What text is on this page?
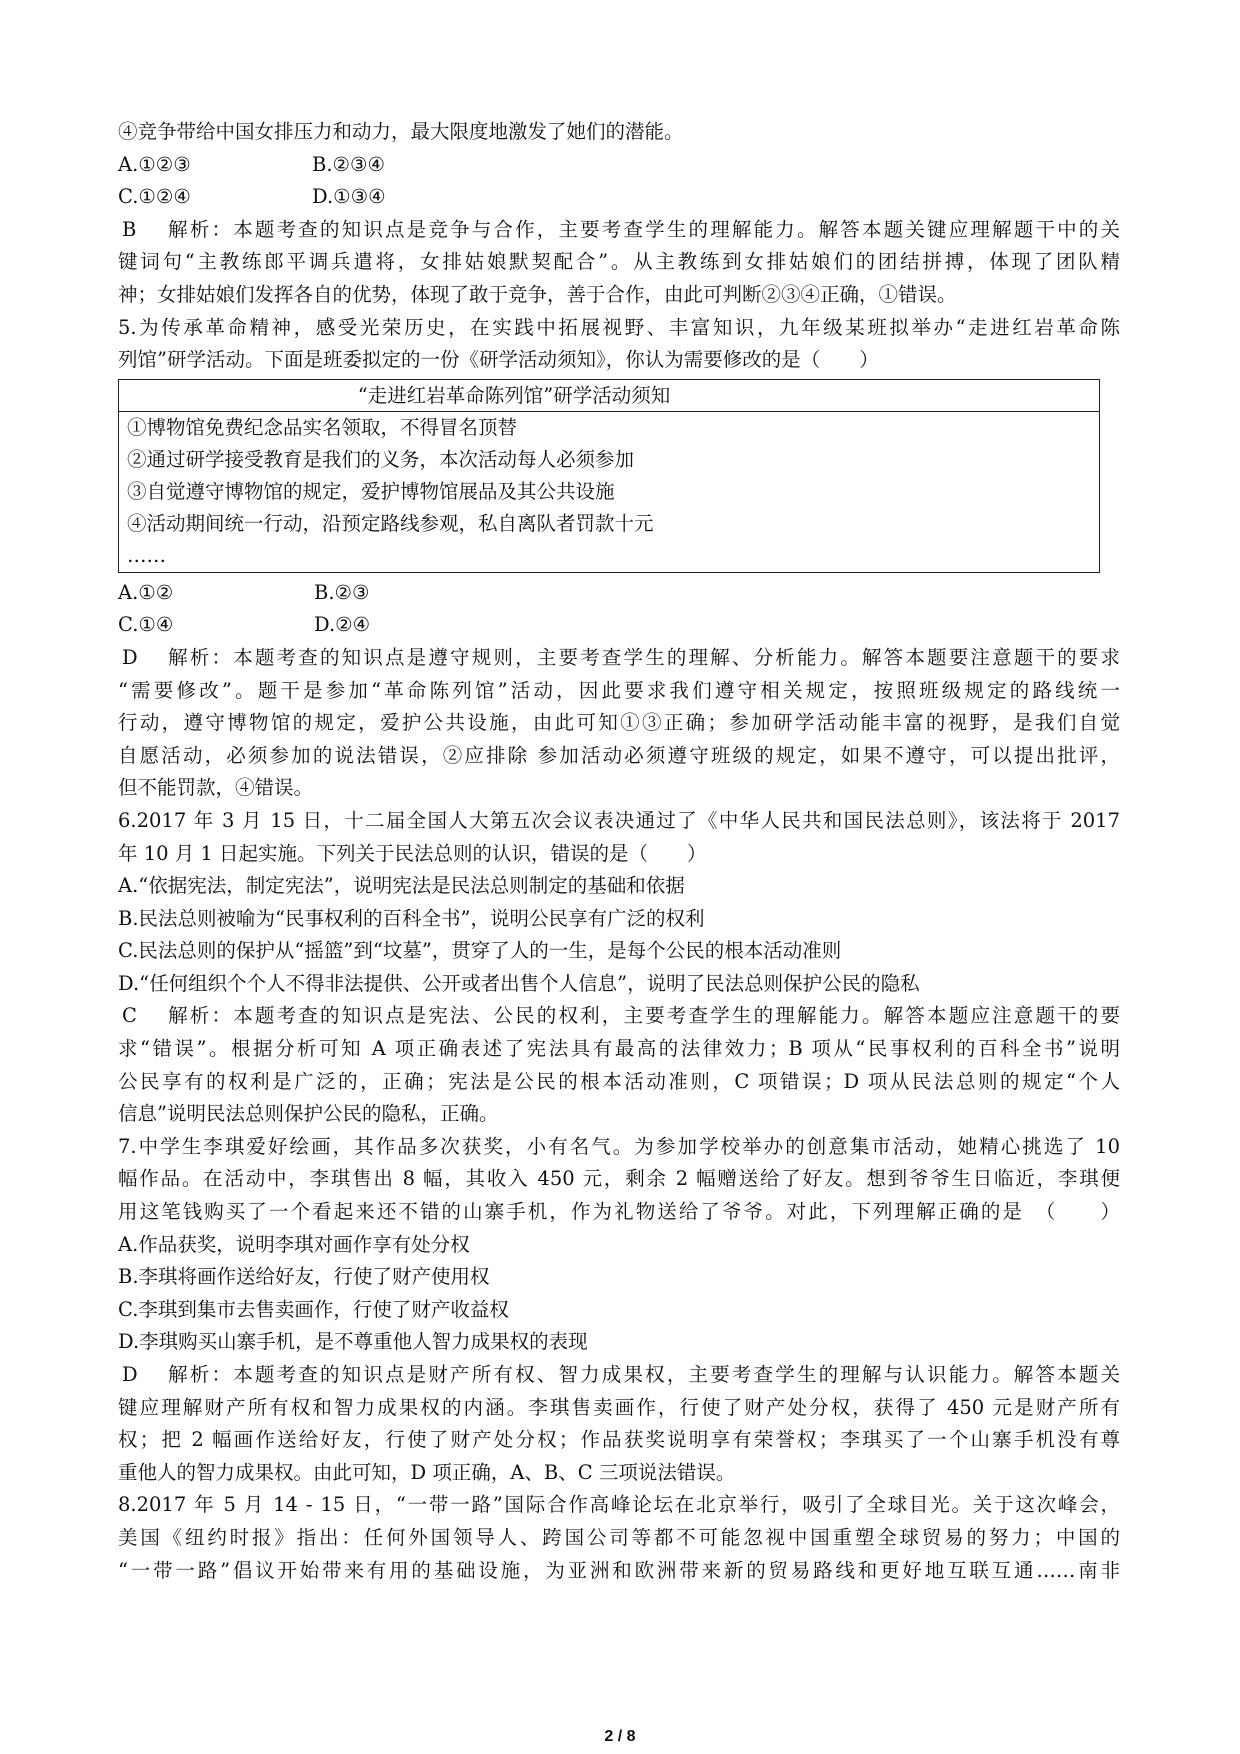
④竞争带给中国女排压力和动力，最大限度地激发了她们的潜能。
A.①②③	B.②③④
C.①②④	D.①③④
B 解析：本题考查的知识点是竞争与合作，主要考查学生的理解能力。解答本题关键应理解题干中的关
键词句“主教练郎平调兵遣将，女排姑娘默契配合”。从主教练到女排姑娘们的团结拼搏，体现了团队精
神；女排姑娘们发挥各自的优势，体现了敢于竞争，善于合作，由此可判断②③④正确，①错误。
5.为传承革命精神，感受光荣历史，在实践中拓展视野、丰富知识，九年级某班拟举办“走进红岩革命陈
列馆”研学活动。下面是班委拟定的一份《研学活动须知》，你认为需要修改的是（　　）
“走进红岩革命陈列馆”研学活动须知
①博物馆免费纪念品实名领取，不得冒名顶替
②通过研学接受教育是我们的义务，本次活动每人必须参加
③自觉遵守博物馆的规定，爱护博物馆展品及其公共设施
④活动期间统一行动，沿预定路线参观，私自离队者罚款十元
……
A.①②	B.②③
C.①④	D.②④
D 解析：本题考查的知识点是遵守规则，主要考查学生的理解、分析能力。解答本题要注意题干的要求
“需要修改”。题干是参加“革命陈列馆”活动，因此要求我们遵守相关规定，按照班级规定的路线统一
行动，遵守博物馆的规定，爱护公共设施，由此可知①③正确；参加研学活动能丰富的视野，是我们自觉
自愿活动，必须参加的说法错误，②应排除 参加活动必须遵守班级的规定，如果不遵守，可以提出批评，
但不能罚款，④错误。
6.2017 年 3 月 15 日，十二届全国人大第五次会议表决通过了《中华人民共和国民法总则》，该法将于 2017
年 10 月 1 日起实施。下列关于民法总则的认识，错误的是（　　）
A.“依据宪法，制定宪法”，说明宪法是民法总则制定的基础和依据
B.民法总则被喻为“民事权利的百科全书”，说明公民享有广泛的权利
C.民法总则的保护从“摇篮”到“坟墓”，贯穿了人的一生，是每个公民的根本活动准则
D.“任何组织个个人不得非法提供、公开或者出售个人信息”，说明了民法总则保护公民的隐私
C 解析：本题考查的知识点是宪法、公民的权利，主要考查学生的理解能力。解答本题应注意题干的要
求“错误”。根据分析可知 A 项正确表述了宪法具有最高的法律效力；B 项从“民事权利的百科全书”说明
公民享有的权利是广泛的，正确；宪法是公民的根本活动准则，C 项错误；D 项从民法总则的规定“个人
信息”说明民法总则保护公民的隐私，正确。
7.中学生李琪爱好绘画，其作品多次获奖，小有名气。为参加学校举办的创意集市活动，她精心挑选了 10
幅作品。在活动中，李琪售出 8 幅，其收入 450 元，剩余 2 幅赠送给了好友。想到爷爷生日临近，李琪便
用这笔钱购买了一个看起来还不错的山寨手机，作为礼物送给了爷爷。对此，下列理解正确的是　（　　）
A.作品获奖，说明李琪对画作享有处分权
B.李琪将画作送给好友，行使了财产使用权
C.李琪到集市去售卖画作，行使了财产收益权
D.李琪购买山寨手机，是不尊重他人智力成果权的表现
D 解析：本题考查的知识点是财产所有权、智力成果权，主要考查学生的理解与认识能力。解答本题关
键应理解财产所有权和智力成果权的内涵。李琪售卖画作，行使了财产处分权，获得了 450 元是财产所有
权；把 2 幅画作送给好友，行使了财产处分权；作品获奖说明享有荣誉权；李琪买了一个山寨手机没有尊
重他人的智力成果权。由此可知，D 项正确，A、B、C 三项说法错误。
8.2017 年 5 月 14 - 15 日，“一带一路”国际合作高峰论坛在北京举行，吸引了全球目光。关于这次峰会，
美国《纽约时报》指出：任何外国领导人、跨国公司等都不可能忽视中国重塑全球贸易的努力；中国的
“一带一路”倡议开始带来有用的基础设施，为亚洲和欧洲带来新的贸易路线和更好地互联互通……南非
2 / 8
